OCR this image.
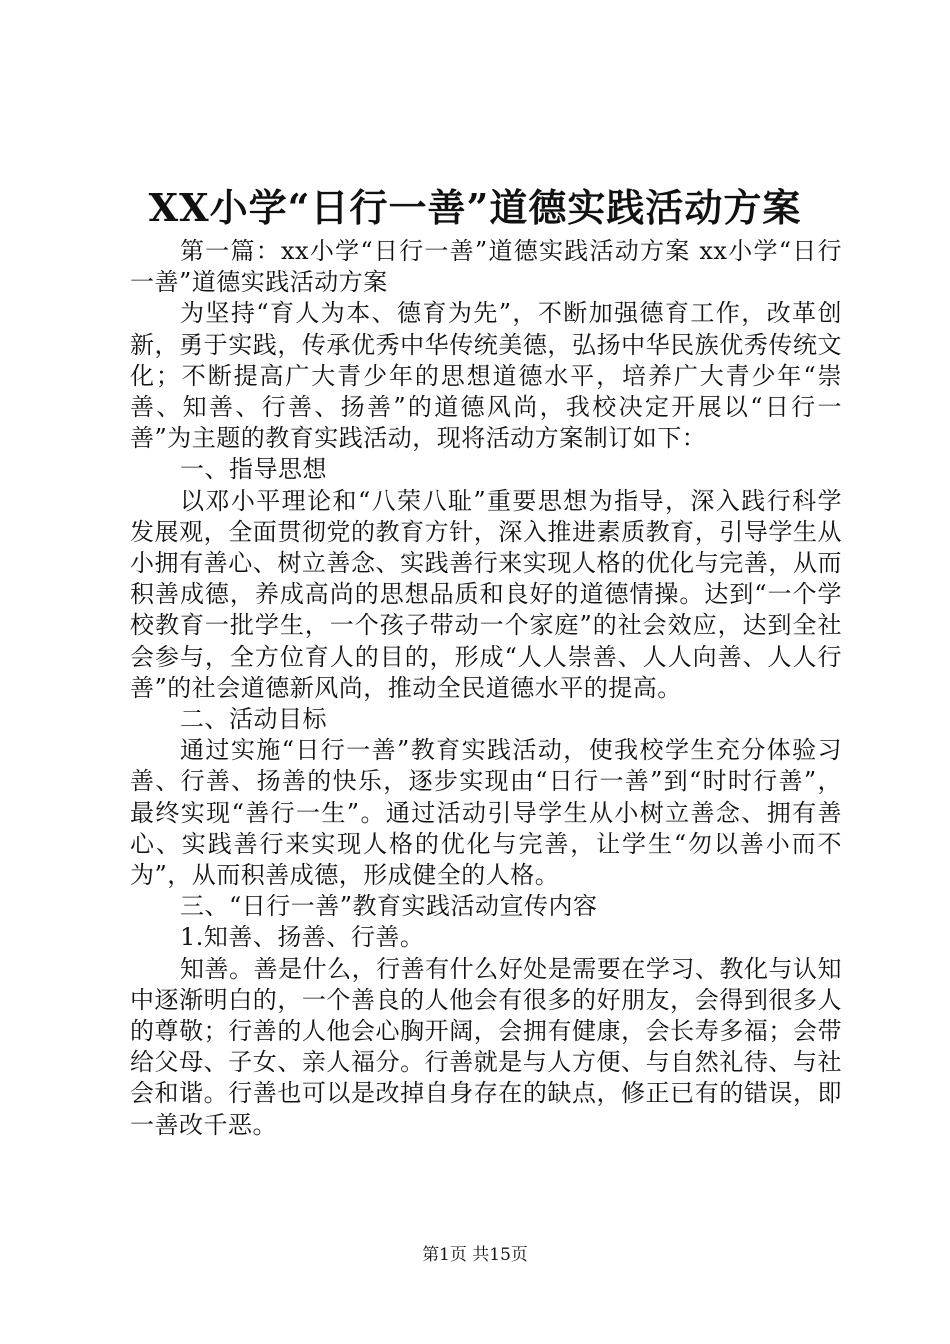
XX小学“日行一善”道德实践活动方案

第一篇：xx小学“日行一善”道德实践活动方案 xx小学“日行一善”道德实践活动方案

为坚持“育人为本、德育为先”，不断加强德育工作，改革创新，勇于实践，传承优秀中华传统美德，弘扬中华民族优秀传统文化；不断提高广大青少年的思想道德水平，培养广大青少年“崇善、知善、行善、扬善”的道德风尚，我校决定开展以“日行一善”为主题的教育实践活动，现将活动方案制订如下：

一、指导思想

以邓小平理论和“八荣八耻”重要思想为指导，深入践行科学发展观，全面贯彻党的教育方针，深入推进素质教育，引导学生从小拥有善心、树立善念、实践善行来实现人格的优化与完善，从而积善成德，养成高尚的思想品质和良好的道德情操。达到“一个学校教育一批学生，一个孩子带动一个家庭”的社会效应，达到全社会参与，全方位育人的目的，形成“人人崇善、人人向善、人人行善”的社会道德新风尚，推动全民道德水平的提高。

二、活动目标

通过实施“日行一善”教育实践活动，使我校学生充分体验习善、行善、扬善的快乐，逐步实现由“日行一善”到“时时行善”，最终实现“善行一生”。通过活动引导学生从小树立善念、拥有善心、实践善行来实现人格的优化与完善，让学生“勿以善小而不为”，从而积善成德，形成健全的人格。

三、“日行一善”教育实践活动宣传内容

1.知善、扬善、行善。

知善。善是什么，行善有什么好处是需要在学习、教化与认知中逐渐明白的，一个善良的人他会有很多的好朋友，会得到很多人的尊敬；行善的人他会心胸开阔，会拥有健康，会长寿多福；会带给父母、子女、亲人福分。行善就是与人方便、与自然礼待、与社会和谐。行善也可以是改掉自身存在的缺点，修正已有的错误，即一善改千恶。

第1页 共15页
